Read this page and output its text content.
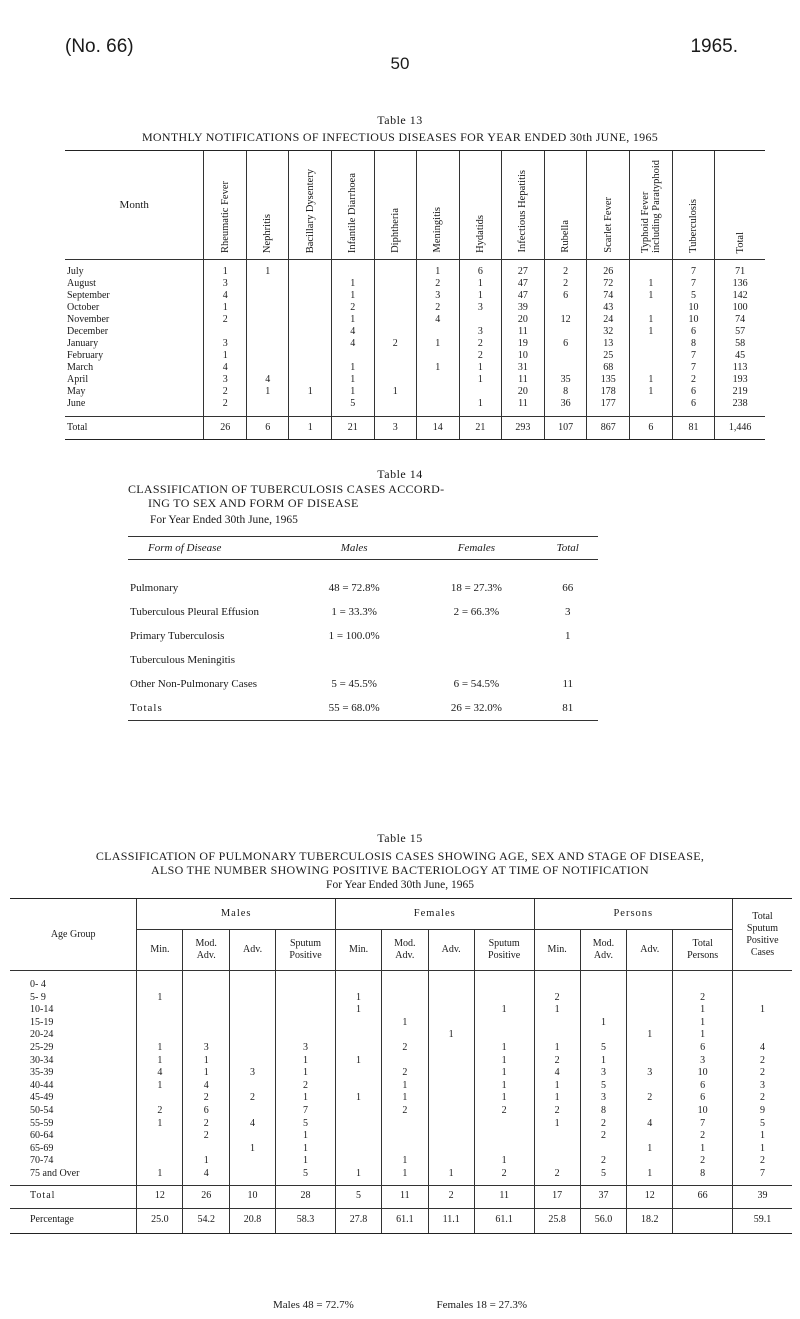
(No. 66)	1965.
50
Table 13
MONTHLY NOTIFICATIONS OF INFECTIOUS DISEASES FOR YEAR ENDED 30th JUNE, 1965
Month	Rheumatic Fever	Nephritis	Bacillary Dysentery	Infantile Diarrhoea	Diphtheria	Meningitis	Hydatids	Infectious Hepatitis	Rubella	Scarlet Fever	Typhoid Fever including Paratyphoid	Tuberculosis	Total

July	1	1				1	6	27	2	26		7	71
August	3			1		2	1	47	2	72	1	7	136
September	4			1		3	1	47	6	74	1	5	142
October	1			2		2	3	39		43		10	100
November	2			1		4		20	12	24	1	10	74
December				4			3	11		32	1	6	57
January	3			4	2	1	2	19	6	13		8	58
February	1						2	10		25		7	45
March	4			1		1	1	31		68		7	113
April	3	4		1			1	11	35	135	1	2	193
May	2	1	1	1	1			20	8	178	1	6	219
June	2			5			1	11	36	177		6	238
Total	26	6	1	21	3	14	21	293	107	867	6	81	1,446
Table 14
CLASSIFICATION OF TUBERCULOSIS CASES ACCORD-
ING TO SEX AND FORM OF DISEASE
For Year Ended 30th June, 1965
Form of Disease	Males	Females	Total
Pulmonary	48 = 72.8%	18 = 27.3%	66
Tuberculous Pleural Effusion	1 = 33.3%	2 = 66.3%	3
Primary Tuberculosis	1 = 100.0%		1
Tuberculous Meningitis			
Other Non-Pulmonary Cases	5 = 45.5%	6 = 54.5%	11
Totals	55 = 68.0%	26 = 32.0%	81
Table 15
CLASSIFICATION OF PULMONARY TUBERCULOSIS CASES SHOWING AGE, SEX AND STAGE OF DISEASE,
ALSO THE NUMBER SHOWING POSITIVE BACTERIOLOGY AT TIME OF NOTIFICATION
For Year Ended 30th June, 1965
Age Group	Males				Females				Persons				Total Sputum Positive Cases
	Min.	Mod. Adv.	Adv.	Sputum Positive	Min.	Mod. Adv.	Adv.	Sputum Positive	Min.	Mod. Adv.	Adv.	Total Persons	
0- 4													
5- 9	1				1				2			2	
10-14					1			1	1			1	1
15-19						1				1		1	
20-24							1				1	1	
25-29	1	3		3		2		1	1	5		6	4
30-34	1	1		1	1			1	2	1		3	2
35-39	4	1	3	1		2		1	4	3	3	10	2
40-44	1	4		2		1		1	1	5		6	3
45-49		2	2	1	1	1		1	1	3	2	6	2
50-54	2	6		7		2		2	2	8		10	9
55-59	1	2	4	5					1	2	4	7	5
60-64		2		1						2		2	1
65-69			1	1							1	1	1
70-74		1		1		1		1		2		2	2
75 and Over	1	4		5	1	1	1	2	2	5	1	8	7
Total	12	26	10	28	5	11	2	11	17	37	12	66	39
Percentage	25.0	54.2	20.8	58.3	27.8	61.1	11.1	61.1	25.8	56.0	18.2		59.1
Males 48 = 72.7%	Females 18 = 27.3%
